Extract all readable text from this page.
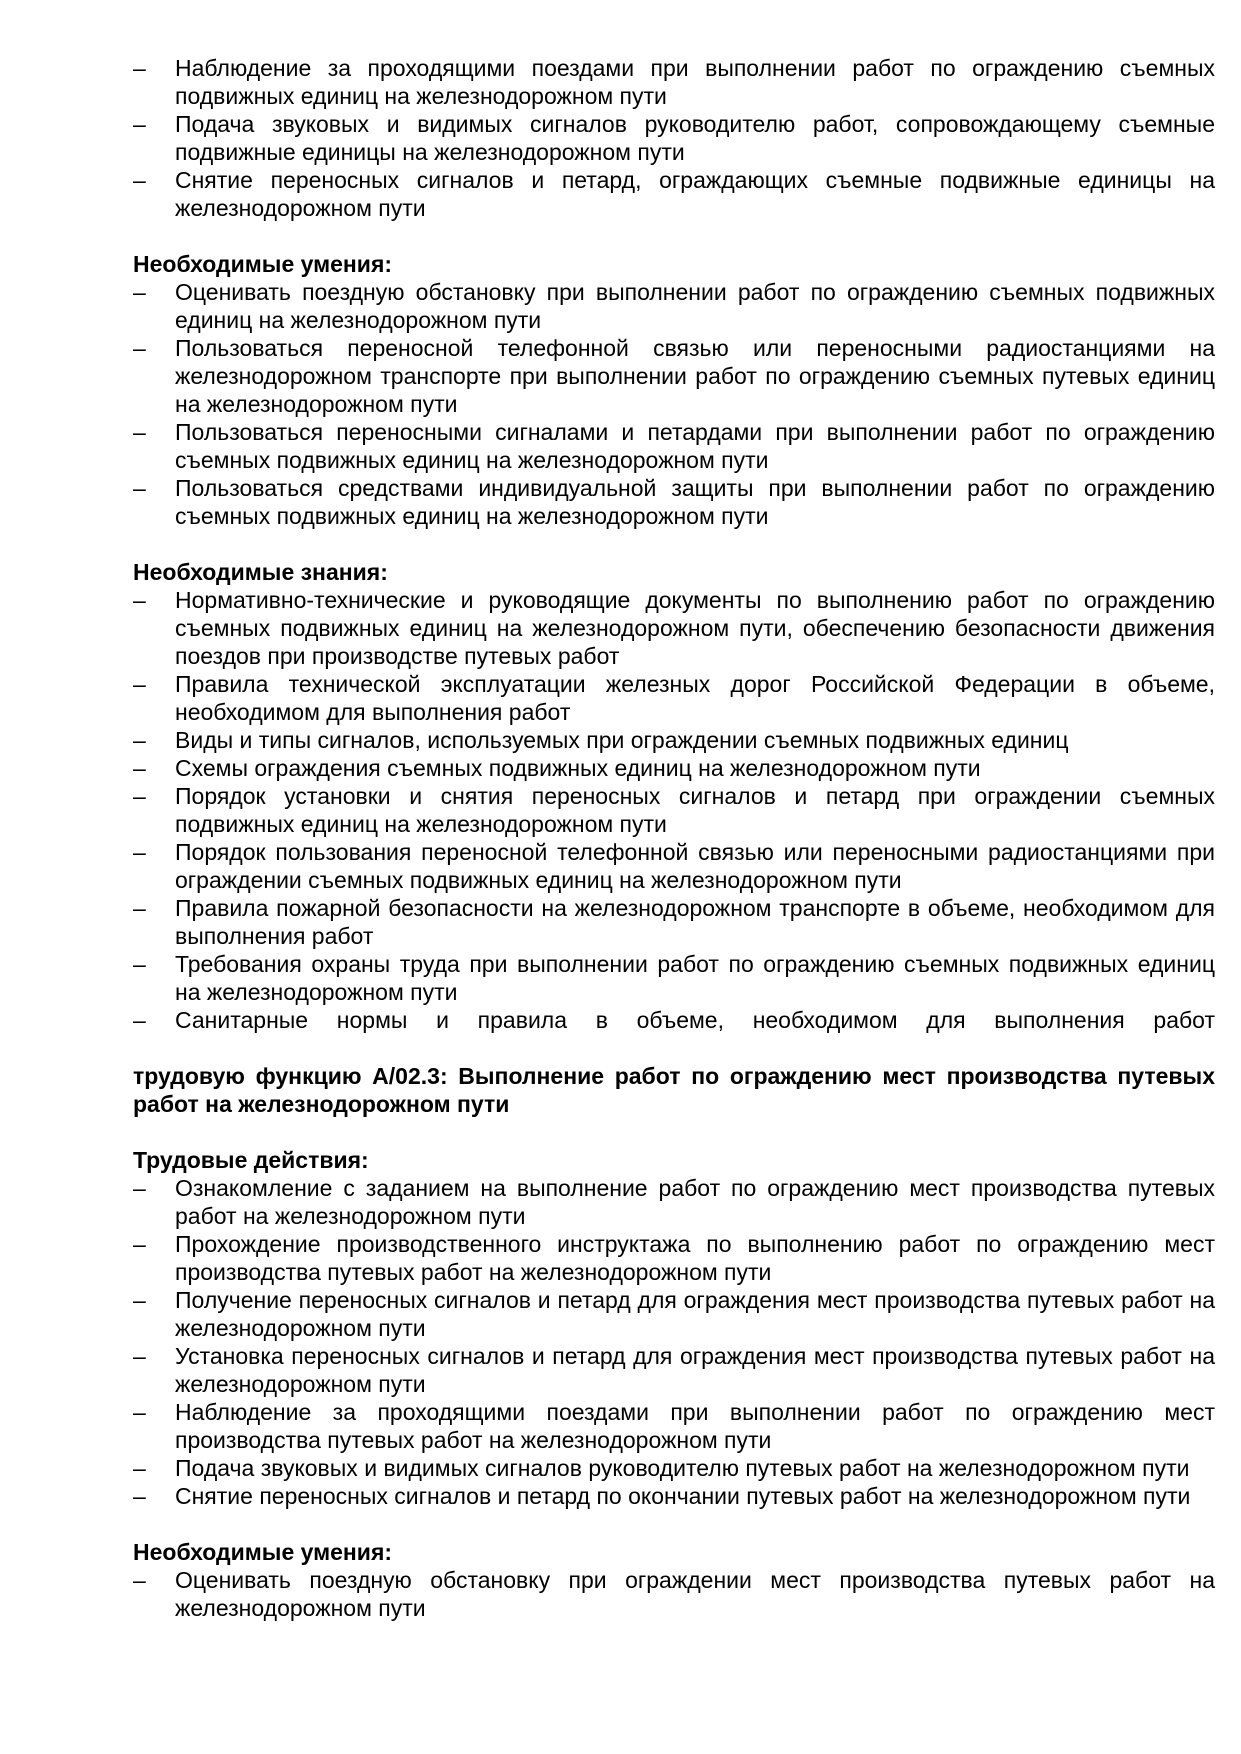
–	Наблюдение за проходящими поездами при выполнении работ по ограждению съемных подвижных единиц на железнодорожном пути
–	Подача звуковых и видимых сигналов руководителю работ, сопровождающему съемные подвижные единицы на железнодорожном пути
–	Снятие переносных сигналов и петард, ограждающих съемные подвижные единицы на железнодорожном пути
Необходимые умения:
–	Оценивать поездную обстановку при выполнении работ по ограждению съемных подвижных единиц на железнодорожном пути
–	Пользоваться переносной телефонной связью или переносными радиостанциями на железнодорожном транспорте при выполнении работ по ограждению съемных путевых единиц на железнодорожном пути
–	Пользоваться переносными сигналами и петардами при выполнении работ по ограждению съемных подвижных единиц на железнодорожном пути
–	Пользоваться средствами индивидуальной защиты при выполнении работ по ограждению съемных подвижных единиц на железнодорожном пути
Необходимые знания:
–	Нормативно-технические и руководящие документы по выполнению работ по ограждению съемных подвижных единиц на железнодорожном пути, обеспечению безопасности движения поездов при производстве путевых работ
–	Правила технической эксплуатации железных дорог Российской Федерации в объеме, необходимом для выполнения работ
–	Виды и типы сигналов, используемых при ограждении съемных подвижных единиц
–	Схемы ограждения съемных подвижных единиц на железнодорожном пути
–	Порядок установки и снятия переносных сигналов и петард при ограждении съемных подвижных единиц на железнодорожном пути
–	Порядок пользования переносной телефонной связью или переносными радиостанциями при ограждении съемных подвижных единиц на железнодорожном пути
–	Правила пожарной безопасности на железнодорожном транспорте в объеме, необходимом для выполнения работ
–	Требования охраны труда при выполнении работ по ограждению съемных подвижных единиц на железнодорожном пути
–	Санитарные нормы и правила в объеме, необходимом для выполнения работ
трудовую функцию А/02.3: Выполнение работ по ограждению мест производства путевых работ на железнодорожном пути
Трудовые действия:
–	Ознакомление с заданием на выполнение работ по ограждению мест производства путевых работ на железнодорожном пути
–	Прохождение производственного инструктажа по выполнению работ по ограждению мест производства путевых работ на железнодорожном пути
–	Получение переносных сигналов и петард для ограждения мест производства путевых работ на железнодорожном пути
–	Установка переносных сигналов и петард для ограждения мест производства путевых работ на железнодорожном пути
–	Наблюдение за проходящими поездами при выполнении работ по ограждению мест производства путевых работ на железнодорожном пути
–	Подача звуковых и видимых сигналов руководителю путевых работ на железнодорожном пути
–	Снятие переносных сигналов и петард по окончании путевых работ на железнодорожном пути
Необходимые умения:
–	Оценивать поездную обстановку при ограждении мест производства путевых работ на железнодорожном пути
